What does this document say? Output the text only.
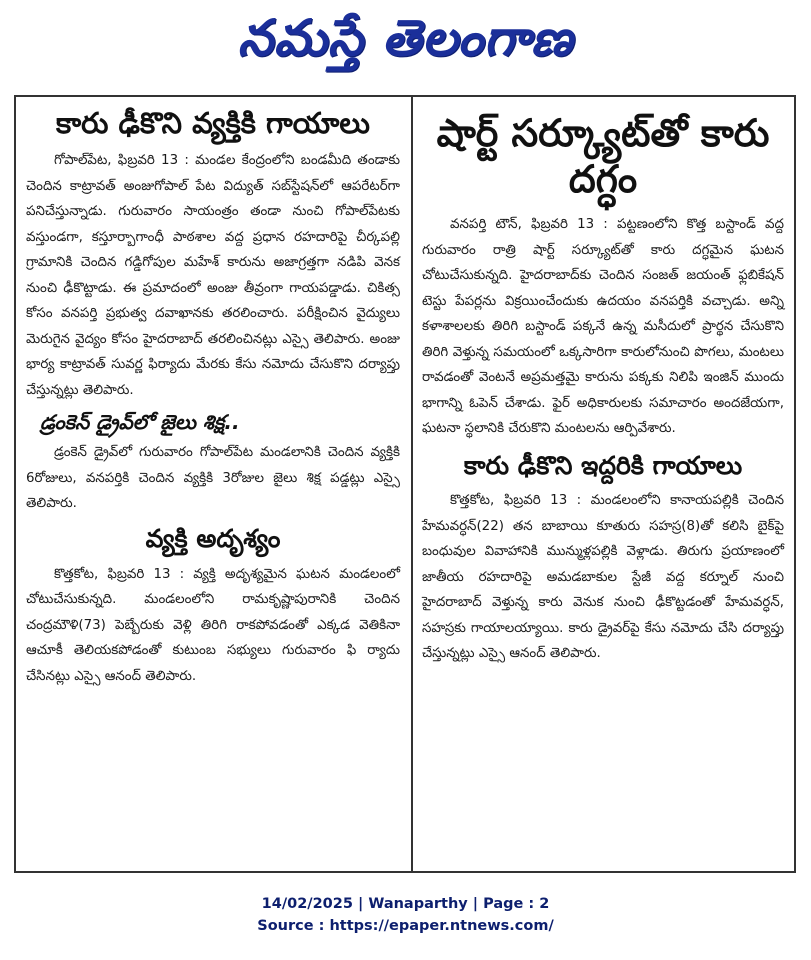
నమస్తే తెలంగాణ
కారు ఢీకొని వ్యక్తికి గాయాలు

గోపాల్‌పేట, ఫిబ్రవరి 13 : మండల కేంద్రంలోని బండమీది తండాకు చెందిన కాట్రావత్ అంజుగోపాల్ పేట విద్యుత్ సబ్‌స్టేషన్‌లో ఆపరేటర్‌గా పనిచేస్తున్నాడు. గురువారం సాయంత్రం తండా నుంచి గోపాల్‌పేటకు వస్తుండగా, కస్తూర్బాగాంధీ పాఠశాల వద్ద ప్రధాన రహదారిపై చీర్కపల్లి గ్రామానికి చెందిన గడ్డిగోపుల మహేశ్ కారును అజాగ్రత్తగా నడిపి వెనక నుంచి ఢీకొట్టాడు. ఈ ప్రమాదంలో అంజు తీవ్రంగా గాయపడ్డాడు. చికిత్స కోసం వనపర్తి ప్రభుత్వ దవాఖానకు తరలించారు. పరీక్షించిన వైద్యులు మెరుగైన వైద్యం కోసం హైదరాబాద్ తరలించినట్లు ఎస్సై తెలిపారు. అంజు భార్య కాట్రావత్ సువర్ణ ఫిర్యాదు మేరకు కేసు నమోదు చేసుకొని దర్యాప్తు చేస్తున్నట్లు తెలిపారు.

డ్రంకెన్ డ్రైవ్‌లో జైలు శిక్ష..

డ్రంకెన్ డ్రైవ్‌లో గురువారం గోపాల్‌పేట మండలానికి చెందిన వ్యక్తికి 6రోజులు, వనపర్తికి చెందిన వ్యక్తికి 3రోజుల జైలు శిక్ష పడ్డట్లు ఎస్సై తెలిపారు.

వ్యక్తి అదృశ్యం

కొత్తకోట, ఫిబ్రవరి 13 : వ్యక్తి అదృశ్యమైన ఘటన మండలంలో చోటుచేసుకున్నది. మండలంలోని రామకృష్ణాపురానికి చెందిన చంద్రమౌళి(73) పెబ్బేరుకు వెళ్లి తిరిగి రాకపోవడంతో ఎక్కడ వెతికినా ఆచూకీ తెలియకపోడంతో కుటుంబ సభ్యులు గురువారం ఫి ర్యాదు చేసినట్లు ఎస్సై ఆనంద్ తెలిపారు.

షార్ట్ సర్క్యూట్‌తో కారు దగ్ధం

వనపర్తి టౌన్, ఫిబ్రవరి 13 : పట్టణంలోని కొత్త బస్టాండ్ వద్ద గురువారం రాత్రి షార్ట్ సర్క్యూట్‌తో కారు దగ్ధమైన ఘటన చోటుచేసుకున్నది. హైదరాబాద్‌కు చెందిన సంజత్ జయంత్ ఫ్లబికేషన్ టెస్టు పేపర్లను విక్రయించేందుకు ఉదయం వనపర్తికి వచ్చాడు. అన్ని కళాశాలలకు తిరిగి బస్టాండ్ పక్కనే ఉన్న మసీదులో ప్రార్థన చేసుకొని తిరిగి వెళ్తున్న సమయంలో ఒక్కసారిగా కారులోనుంచి పొగలు, మంటలు రావడంతో వెంటనే అప్రమత్తమై కారును పక్కకు నిలిపి ఇంజిన్ ముందు భాగాన్ని ఓపెన్ చేశాడు. ఫైర్ అధికారులకు సమాచారం అందజేయగా, ఘటనా స్థలానికి చేరుకొని మంటలను ఆర్పివేశారు.

కారు ఢీకొని ఇద్దరికి గాయాలు

కొత్తకోట, ఫిబ్రవరి 13 : మండలంలోని కానాయపల్లికి చెందిన హేమవర్ధన్(22) తన బాబాయి కూతురు సహస్ర(8)తో కలిసి బైక్‌పై బంధువుల వివాహానికి మున్ముళ్లపల్లికి వెళ్లాడు. తిరుగు ప్రయాణంలో జాతీయ రహదారిపై అమడబాకుల స్టేజీ వద్ద కర్నూల్ నుంచి హైదరాబాద్ వెళ్తున్న కారు వెనుక నుంచి ఢీకొట్టడంతో హేమవర్ధన్, సహస్రకు గాయాలయ్యాయి. కారు డ్రైవర్‌పై కేసు నమోదు చేసి దర్యాప్తు చేస్తున్నట్లు ఎస్సై ఆనంద్ తెలిపారు.

14/02/2025 | Wanaparthy | Page : 2
Source : https://epaper.ntnews.com/
